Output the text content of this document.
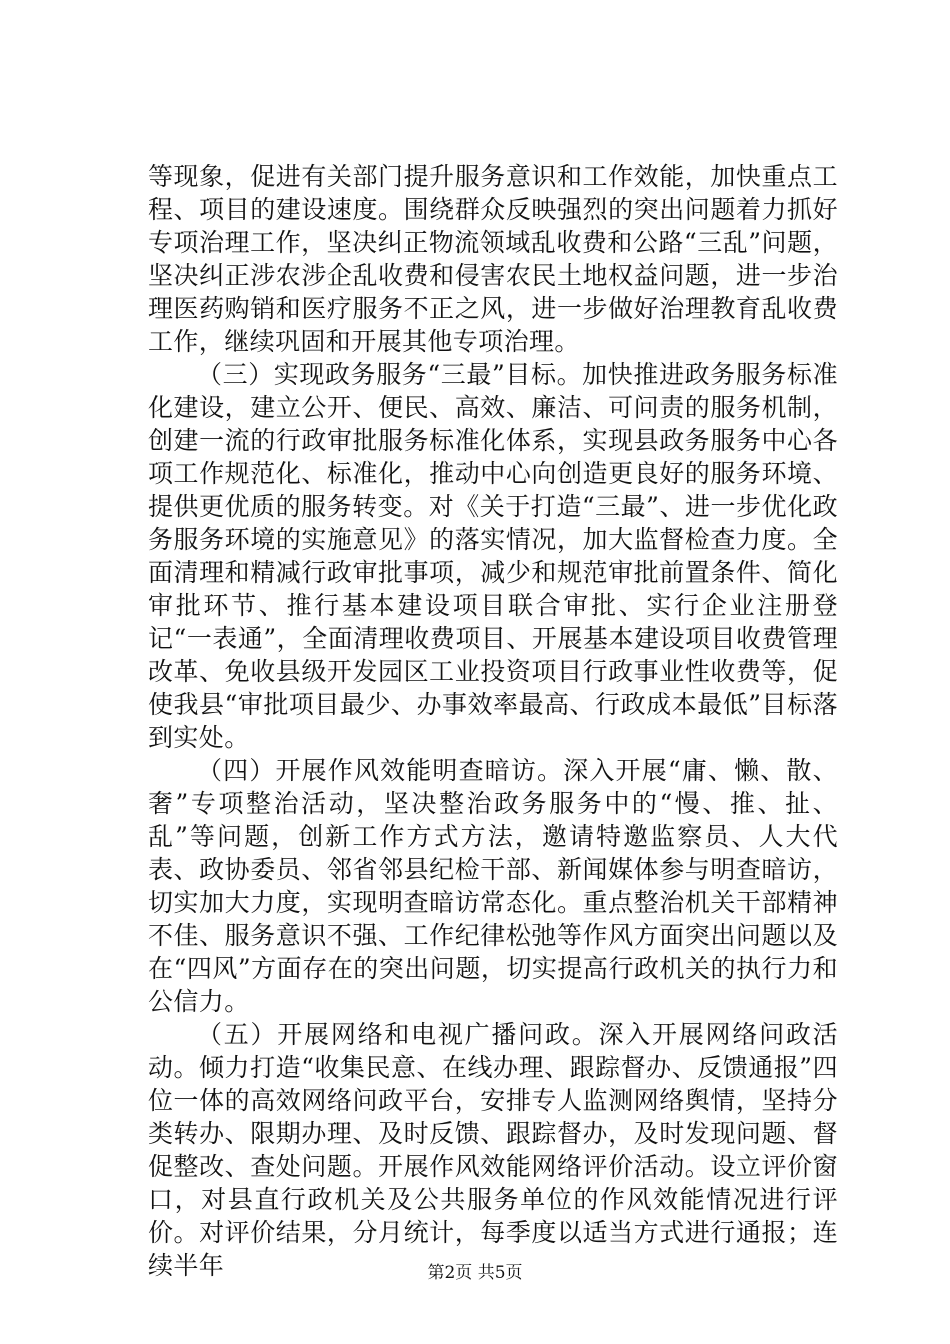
等现象，促进有关部门提升服务意识和工作效能，加快重点工程、项目的建设速度。围绕群众反映强烈的突出问题着力抓好专项治理工作，坚决纠正物流领域乱收费和公路“三乱”问题，坚决纠正涉农涉企乱收费和侵害农民土地权益问题，进一步治理医药购销和医疗服务不正之风，进一步做好治理教育乱收费工作，继续巩固和开展其他专项治理。

（三）实现政务服务“三最”目标。加快推进政务服务标准化建设，建立公开、便民、高效、廉洁、可问责的服务机制，创建一流的行政审批服务标准化体系，实现县政务服务中心各项工作规范化、标准化，推动中心向创造更良好的服务环境、提供更优质的服务转变。对《关于打造“三最”、进一步优化政务服务环境的实施意见》的落实情况，加大监督检查力度。全面清理和精减行政审批事项，减少和规范审批前置条件、简化审批环节、推行基本建设项目联合审批、实行企业注册登记“一表通”，全面清理收费项目、开展基本建设项目收费管理改革、免收县级开发园区工业投资项目行政事业性收费等，促使我县“审批项目最少、办事效率最高、行政成本最低”目标落到实处。

（四）开展作风效能明查暗访。深入开展“庸、懒、散、奢”专项整治活动，坚决整治政务服务中的“慢、推、扯、乱”等问题，创新工作方式方法，邀请特邀监察员、人大代表、政协委员、邻省邻县纪检干部、新闻媒体参与明查暗访，切实加大力度，实现明查暗访常态化。重点整治机关干部精神不佳、服务意识不强、工作纪律松弛等作风方面突出问题以及在“四风”方面存在的突出问题，切实提高行政机关的执行力和公信力。

（五）开展网络和电视广播问政。深入开展网络问政活动。倾力打造“收集民意、在线办理、跟踪督办、反馈通报”四位一体的高效网络问政平台，安排专人监测网络舆情，坚持分类转办、限期办理、及时反馈、跟踪督办，及时发现问题、督促整改、查处问题。开展作风效能网络评价活动。设立评价窗口，对县直行政机关及公共服务单位的作风效能情况进行评价。对评价结果，分月统计，每季度以适当方式进行通报；连续半年	第2页 共5页
